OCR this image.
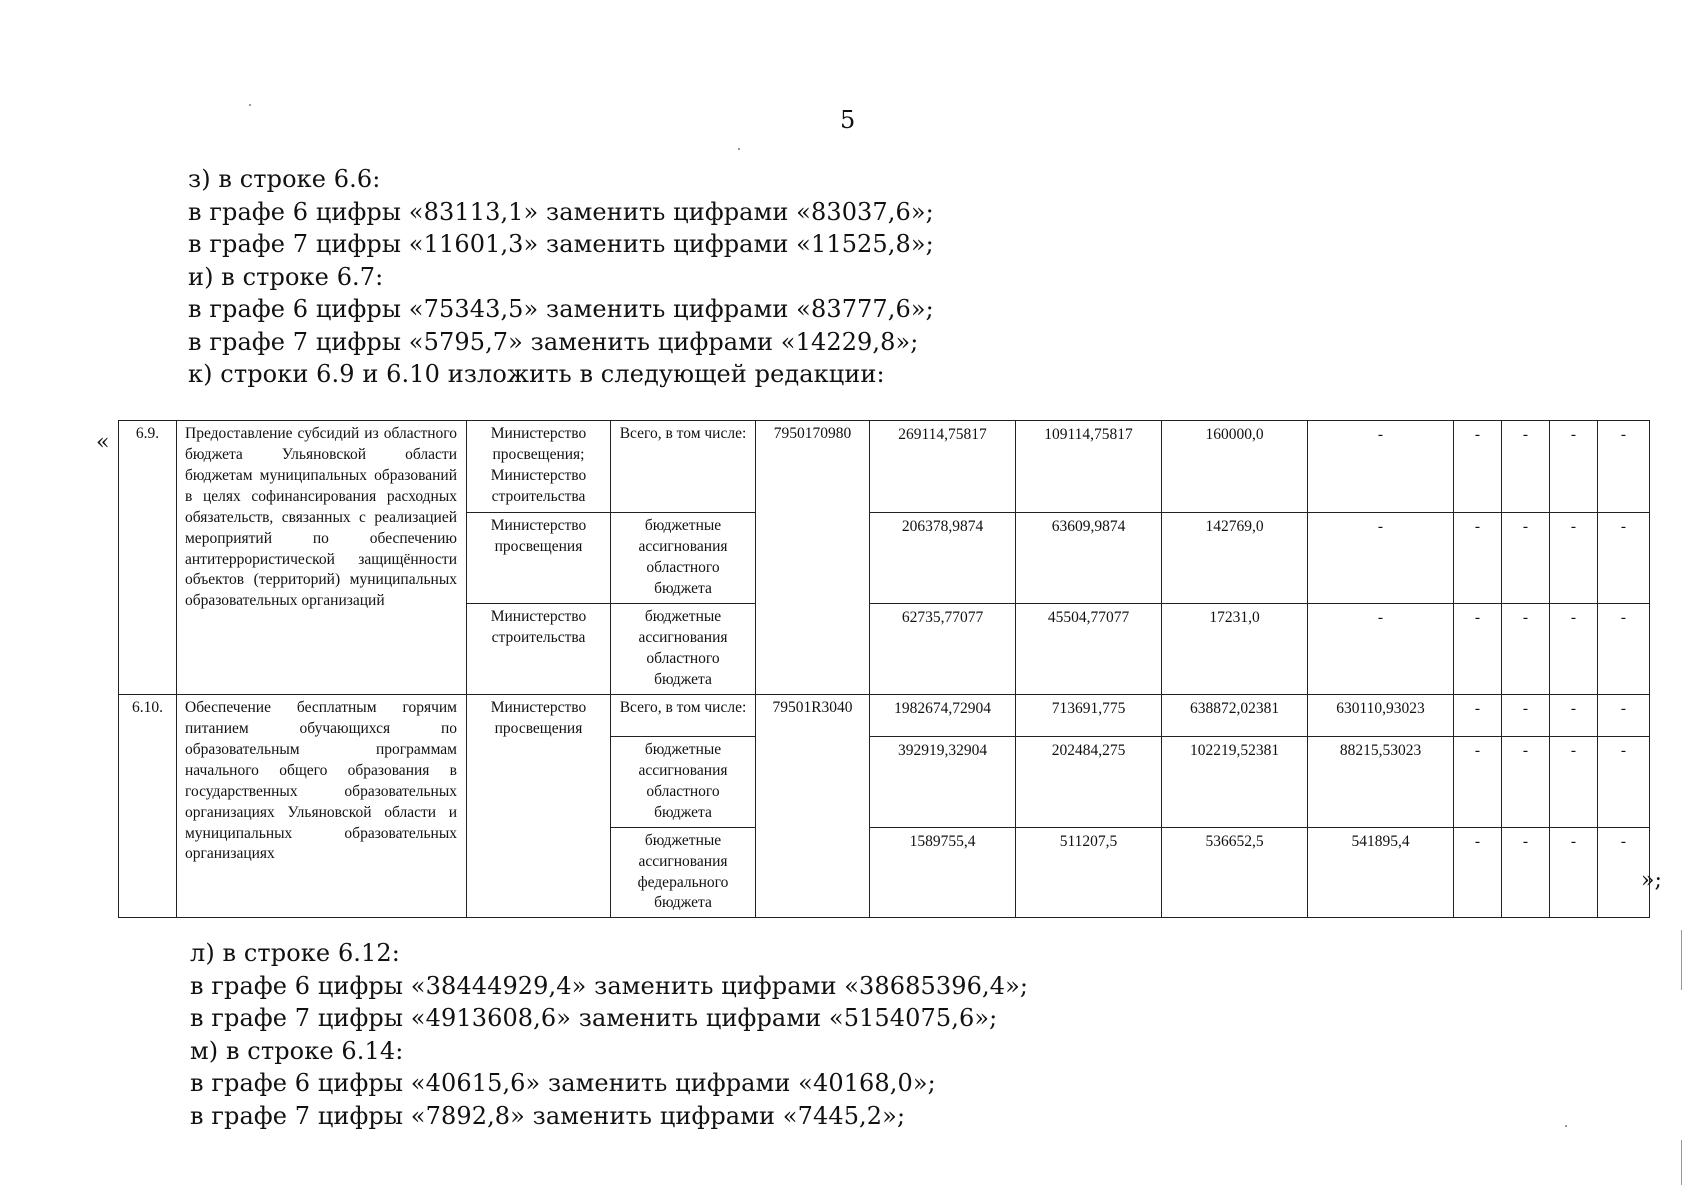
5
з) в строке 6.6:
в графе 6 цифры «83113,1» заменить цифрами «83037,6»;
в графе 7 цифры «11601,3» заменить цифрами «11525,8»;
и) в строке 6.7:
в графе 6 цифры «75343,5» заменить цифрами «83777,6»;
в графе 7 цифры «5795,7» заменить цифрами «14229,8»;
к) строки 6.9 и 6.10 изложить в следующей редакции:
« 6.9.	Предоставление субсидий из областного бюджета Ульяновской области бюджетам муниципальных образований в целях софинансирования расходных обязательств, связанных с реализацией мероприятий по обеспечению антитеррористической защищённости объектов (территорий) муниципальных образовательных организаций	Министерство просвещения; Министерство строительства	Всего, в том числе:	7950170980	269114,75817	109114,75817	160000,0	-	-	-	-	-
		Министерство просвещения	бюджетные ассигнования областного бюджета		206378,9874	63609,9874	142769,0	-	-	-	-	-
		Министерство строительства	бюджетные ассигнования областного бюджета		62735,77077	45504,77077	17231,0	-	-	-	-	-
6.10.	Обеспечение бесплатным горячим питанием обучающихся по образовательным программам начального общего образования в государственных образовательных организациях Ульяновской области и муниципальных образовательных организациях	Министерство просвещения	Всего, в том числе:	79501R3040	1982674,72904	713691,775	638872,02381	630110,93023	-	-	-	-
			бюджетные ассигнования областного бюджета		392919,32904	202484,275	102219,52381	88215,53023	-	-	-	-
			бюджетные ассигнования федерального бюджета		1589755,4	511207,5	536652,5	541895,4	-	-	-	-
»;
л) в строке 6.12:
в графе 6 цифры «38444929,4» заменить цифрами «38685396,4»;
в графе 7 цифры «4913608,6» заменить цифрами «5154075,6»;
м) в строке 6.14:
в графе 6 цифры «40615,6» заменить цифрами «40168,0»;
в графе 7 цифры «7892,8» заменить цифрами «7445,2»;
